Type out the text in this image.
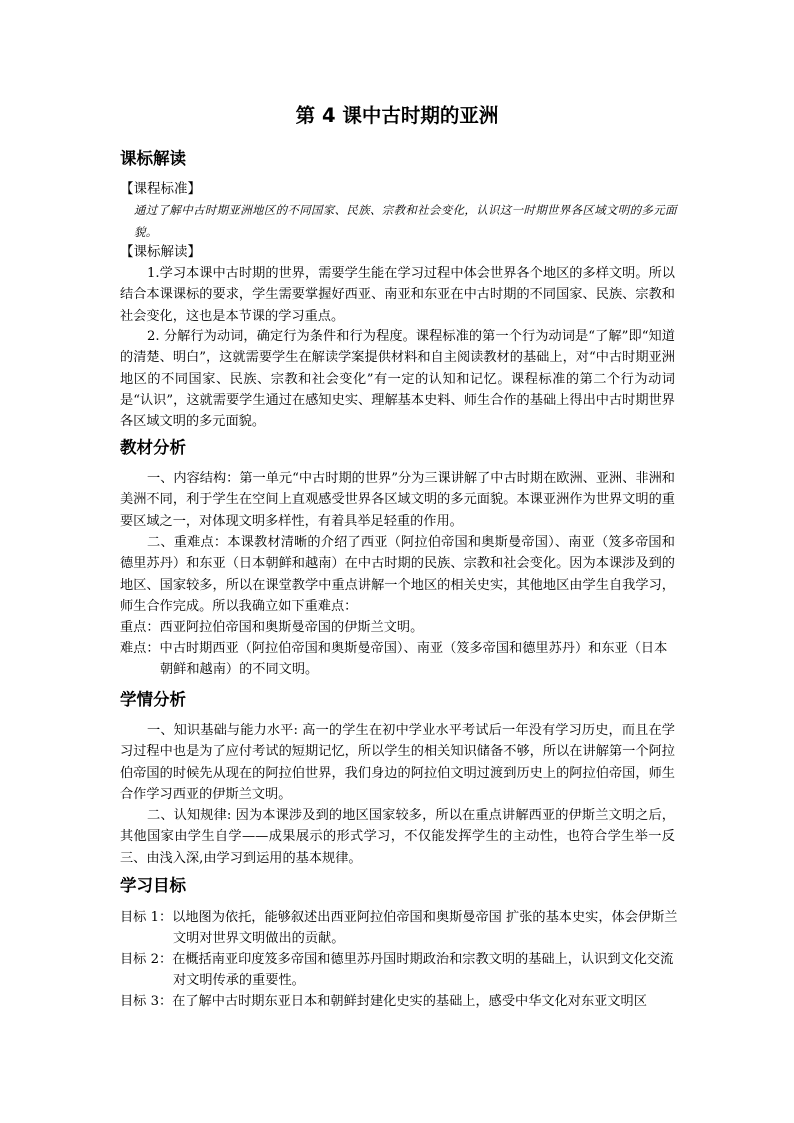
第 4 课中古时期的亚洲
课标解读
【课程标准】
通过了解中古时期亚洲地区的不同国家、民族、宗教和社会变化，认识这一时期世界各区域文明的多元面貌。
【课标解读】
1.学习本课中古时期的世界，需要学生能在学习过程中体会世界各个地区的多样文明。所以结合本课课标的要求，学生需要掌握好西亚、南亚和东亚在中古时期的不同国家、民族、宗教和社会变化，这也是本节课的学习重点。
2. 分解行为动词，确定行为条件和行为程度。课程标准的第一个行为动词是“了解”即“知道的清楚、明白”，这就需要学生在解读学案提供材料和自主阅读教材的基础上，对“中古时期亚洲地区的不同国家、民族、宗教和社会变化”有一定的认知和记忆。课程标准的第二个行为动词是“认识”，这就需要学生通过在感知史实、理解基本史料、师生合作的基础上得出中古时期世界各区域文明的多元面貌。
教材分析
一、内容结构：第一单元“中古时期的世界”分为三课讲解了中古时期在欧洲、亚洲、非洲和美洲不同，利于学生在空间上直观感受世界各区域文明的多元面貌。本课亚洲作为世界文明的重要区域之一，对体现文明多样性，有着具举足轻重的作用。
二、重难点：本课教材清晰的介绍了西亚（阿拉伯帝国和奥斯曼帝国）、南亚（笈多帝国和德里苏丹）和东亚（日本朝鲜和越南）在中古时期的民族、宗教和社会变化。因为本课涉及到的地区、国家较多，所以在课堂教学中重点讲解一个地区的相关史实，其他地区由学生自我学习，师生合作完成。所以我确立如下重难点：
重点：西亚阿拉伯帝国和奥斯曼帝国的伊斯兰文明。
难点：中古时期西亚（阿拉伯帝国和奥斯曼帝国）、南亚（笈多帝国和德里苏丹）和东亚（日本朝鲜和越南）的不同文明。
学情分析
一、知识基础与能力水平: 高一的学生在初中学业水平考试后一年没有学习历史，而且在学习过程中也是为了应付考试的短期记忆，所以学生的相关知识储备不够，所以在讲解第一个阿拉伯帝国的时候先从现在的阿拉伯世界，我们身边的阿拉伯文明过渡到历史上的阿拉伯帝国，师生合作学习西亚的伊斯兰文明。
二、认知规律: 因为本课涉及到的地区国家较多，所以在重点讲解西亚的伊斯兰文明之后，其他国家由学生自学——成果展示的形式学习，不仅能发挥学生的主动性，也符合学生举一反三、由浅入深,由学习到运用的基本规律。
学习目标
目标 1：以地图为依托，能够叙述出西亚阿拉伯帝国和奥斯曼帝国 扩张的基本史实，体会伊斯兰文明对世界文明做出的贡献。
目标 2：在概括南亚印度笈多帝国和德里苏丹国时期政治和宗教文明的基础上，认识到文化交流对文明传承的重要性。
目标 3：在了解中古时期东亚日本和朝鲜封建化史实的基础上，感受中华文化对东亚文明区
